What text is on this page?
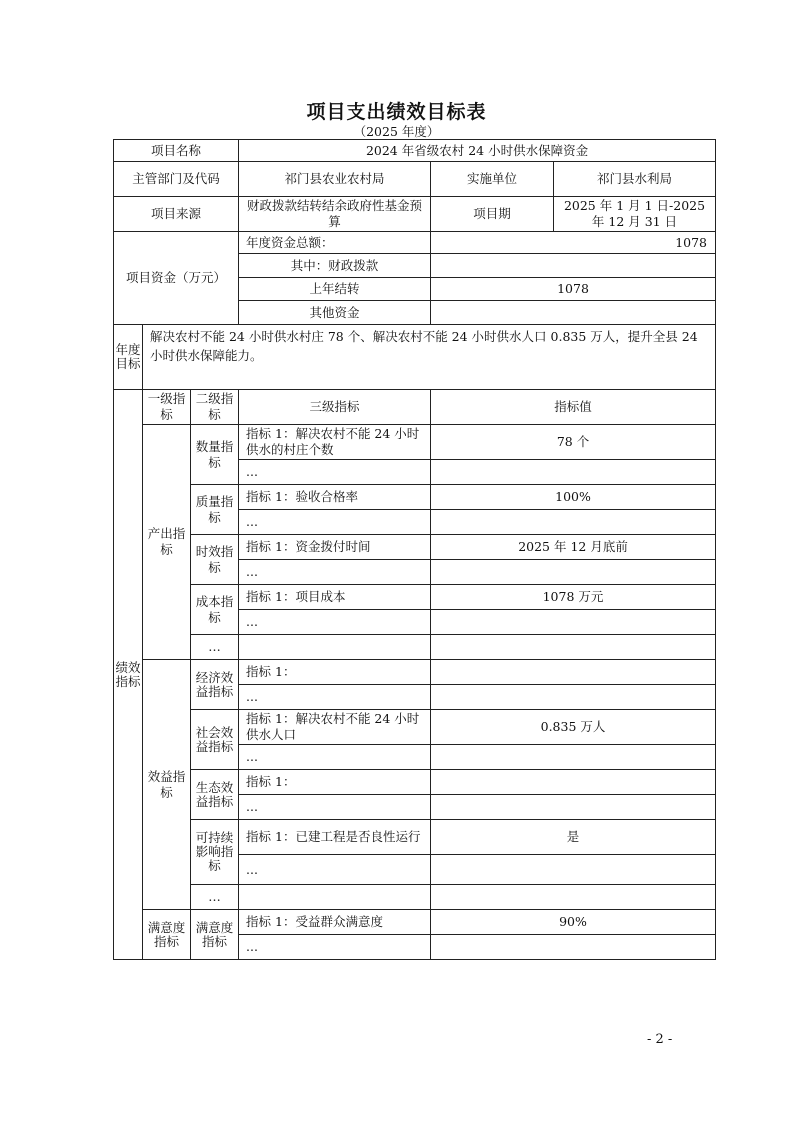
项目支出绩效目标表
（2025 年度）
项目名称			2024 年省级农村 24 小时供水保障资金		
主管部门及代码			祁门县农业农村局	实施单位	祁门县水利局
项目来源			财政拨款结转结余政府性基金预算	项目期	2025 年 1 月 1 日-2025 年 12 月 31 日
项目资金（万元）			年度资金总额：	1078	
			其中：财政拨款		
			上年结转	1078	
			其他资金		
年度目标	解决农村不能 24 小时供水村庄 78 个、解决农村不能 24 小时供水人口 0.835 万人，提升全县 24 小时供水保障能力。				
绩效指标	一级指标	二级指标	三级指标	指标值	
	产出指标	数量指标	指标 1：解决农村不能 24 小时供水的村庄个数	78 个	
			...		
		质量指标	指标 1：验收合格率	100%	
			...		
		时效指标	指标 1：资金拨付时间	2025 年 12 月底前	
			...		
		成本指标	指标 1：项目成本	1078 万元	
			...		
		…			
	效益指标	经济效益指标	指标 1：		
			...		
		社会效益指标	指标 1：解决农村不能 24 小时供水人口	0.835 万人	
			...		
		生态效益指标	指标 1：		
			...		
		可持续影响指标	指标 1：已建工程是否良性运行	是	
			...		
		…			
	满意度指标	满意度指标	指标 1：受益群众满意度	90%	
			...		
- 2 -
